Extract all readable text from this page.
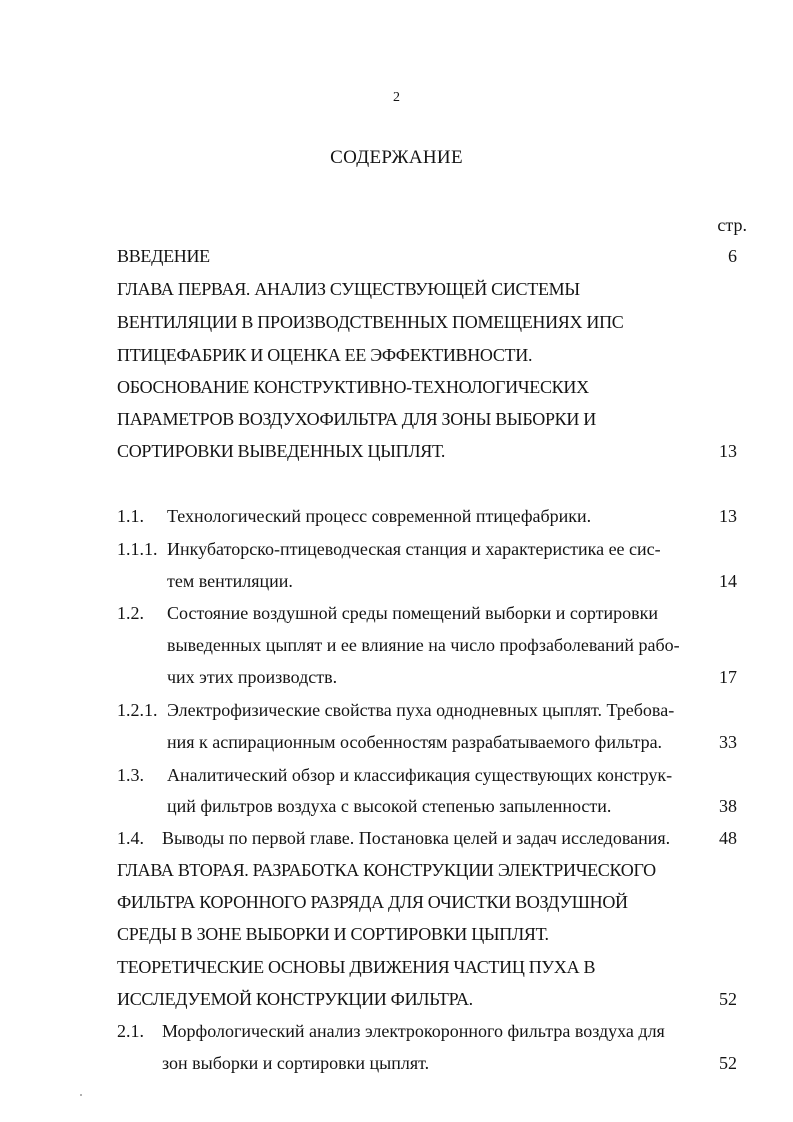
2
СОДЕРЖАНИЕ
стр.
ВВЕДЕНИЕ	6
ГЛАВА ПЕРВАЯ. АНАЛИЗ СУЩЕСТВУЮЩЕЙ СИСТЕМЫ
ВЕНТИЛЯЦИИ В ПРОИЗВОДСТВЕННЫХ ПОМЕЩЕНИЯХ ИПС
ПТИЦЕФАБРИК И ОЦЕНКА ЕЕ ЭФФЕКТИВНОСТИ.
ОБОСНОВАНИЕ КОНСТРУКТИВНО-ТЕХНОЛОГИЧЕСКИХ
ПАРАМЕТРОВ ВОЗДУХОФИЛЬТРА ДЛЯ ЗОНЫ ВЫБОРКИ И
СОРТИРОВКИ ВЫВЕДЕННЫХ ЦЫПЛЯТ.	13
1.1. Технологический процесс современной птицефабрики.	13
1.1.1. Инкубаторско-птицеводческая станция и характеристика ее сис-
тем вентиляции.	14
1.2. Состояние воздушной среды помещений выборки и сортировки
выведенных цыплят и ее влияние на число профзаболеваний рабо-
чих этих производств.	17
1.2.1. Электрофизические свойства пуха однодневных цыплят. Требова-
ния к аспирационным особенностям разрабатываемого фильтра.	33
1.3. Аналитический обзор и классификация существующих конструк-
ций фильтров воздуха с высокой степенью запыленности.	38
1.4. Выводы по первой главе. Постановка целей и задач исследования.	48
ГЛАВА ВТОРАЯ. РАЗРАБОТКА КОНСТРУКЦИИ ЭЛЕКТРИЧЕСКОГО
ФИЛЬТРА КОРОННОГО РАЗРЯДА ДЛЯ ОЧИСТКИ ВОЗДУШНОЙ
СРЕДЫ В ЗОНЕ ВЫБОРКИ И СОРТИРОВКИ ЦЫПЛЯТ.
ТЕОРЕТИЧЕСКИЕ ОСНОВЫ ДВИЖЕНИЯ ЧАСТИЦ ПУХА В
ИССЛЕДУЕМОЙ КОНСТРУКЦИИ ФИЛЬТРА.	52
2.1. Морфологический анализ электрокоронного фильтра воздуха для
зон выборки и сортировки цыплят.	52
